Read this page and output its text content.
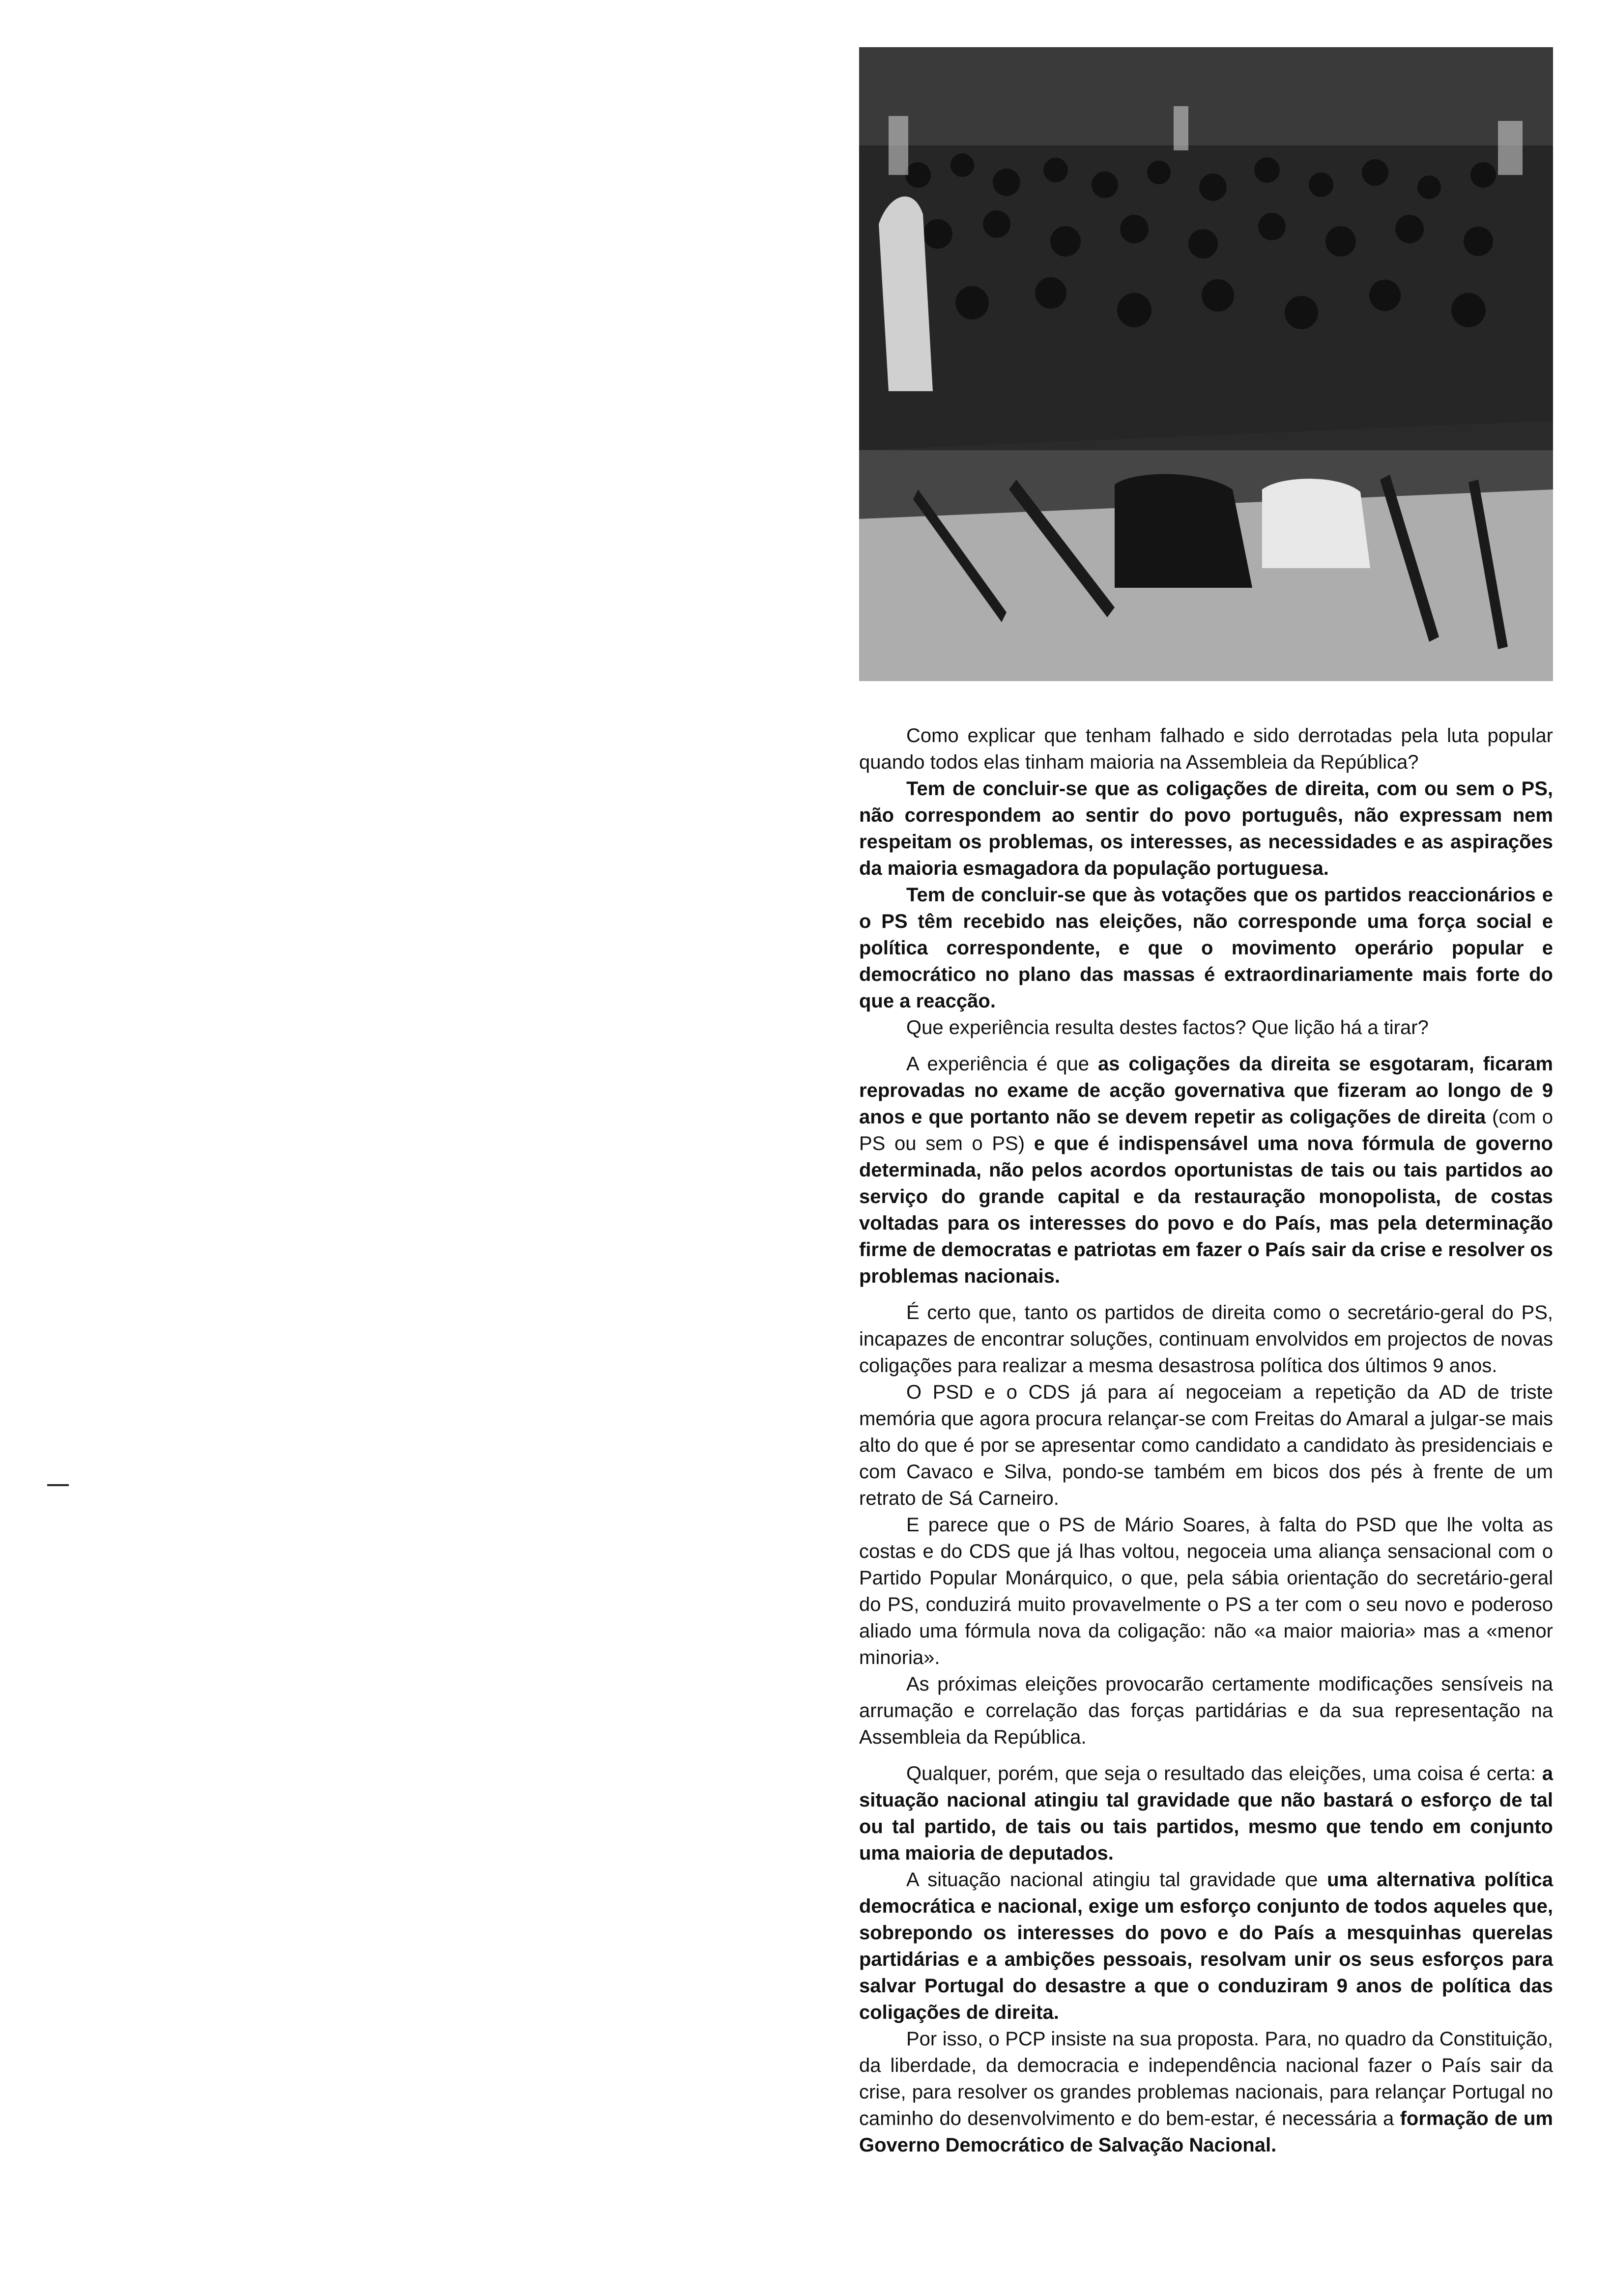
Como explicar que tenham falhado e sido derrotadas pela luta popular quando todos elas tinham maioria na Assembleia da República?

Tem de concluir-se que as coligações de direita, com ou sem o PS, não correspondem ao sentir do povo português, não expressam nem respeitam os problemas, os interesses, as necessidades e as aspirações da maioria esmagadora da população portuguesa.

Tem de concluir-se que às votações que os partidos reaccionários e o PS têm recebido nas eleições, não corresponde uma força social e política correspondente, e que o movimento operário popular e democrático no plano das massas é extraordinariamente mais forte do que a reacção.

Que experiência resulta destes factos? Que lição há a tirar?

A experiência é que as coligações da direita se esgotaram, ficaram reprovadas no exame de acção governativa que fizeram ao longo de 9 anos e que portanto não se devem repetir as coligações de direita (com o PS ou sem o PS) e que é indispensável uma nova fórmula de governo determinada, não pelos acordos oportunistas de tais ou tais partidos ao serviço do grande capital e da restauração monopolista, de costas voltadas para os interesses do povo e do País, mas pela determinação firme de democratas e patriotas em fazer o País sair da crise e resolver os problemas nacionais.

É certo que, tanto os partidos de direita como o secretário-geral do PS, incapazes de encontrar soluções, continuam envolvidos em projectos de novas coligações para realizar a mesma desastrosa política dos últimos 9 anos.

O PSD e o CDS já para aí negoceiam a repetição da AD de triste memória que agora procura relançar-se com Freitas do Amaral a julgar-se mais alto do que é por se apresentar como candidato a candidato às presidenciais e com Cavaco e Silva, pondo-se também em bicos dos pés à frente de um retrato de Sá Carneiro.

E parece que o PS de Mário Soares, à falta do PSD que lhe volta as costas e do CDS que já lhas voltou, negoceia uma aliança sensacional com o Partido Popular Monárquico, o que, pela sábia orientação do secretário-geral do PS, conduzirá muito provavelmente o PS a ter com o seu novo e poderoso aliado uma fórmula nova da coligação: não «a maior maioria» mas a «menor minoria».

As próximas eleições provocarão certamente modificações sensíveis na arrumação e correlação das forças partidárias e da sua representação na Assembleia da República.

Qualquer, porém, que seja o resultado das eleições, uma coisa é certa: a situação nacional atingiu tal gravidade que não bastará o esforço de tal ou tal partido, de tais ou tais partidos, mesmo que tendo em conjunto uma maioria de deputados.

A situação nacional atingiu tal gravidade que uma alternativa política democrática e nacional, exige um esforço conjunto de todos aqueles que, sobrepondo os interesses do povo e do País a mesquinhas querelas partidárias e a ambições pessoais, resolvam unir os seus esforços para salvar Portugal do desastre a que o conduziram 9 anos de política das coligações de direita.

Por isso, o PCP insiste na sua proposta. Para, no quadro da Constituição, da liberdade, da democracia e independência nacional fazer o País sair da crise, para resolver os grandes problemas nacionais, para relançar Portugal no caminho do desenvolvimento e do bem-estar, é necessária a formação de um Governo Democrático de Salvação Nacional.
